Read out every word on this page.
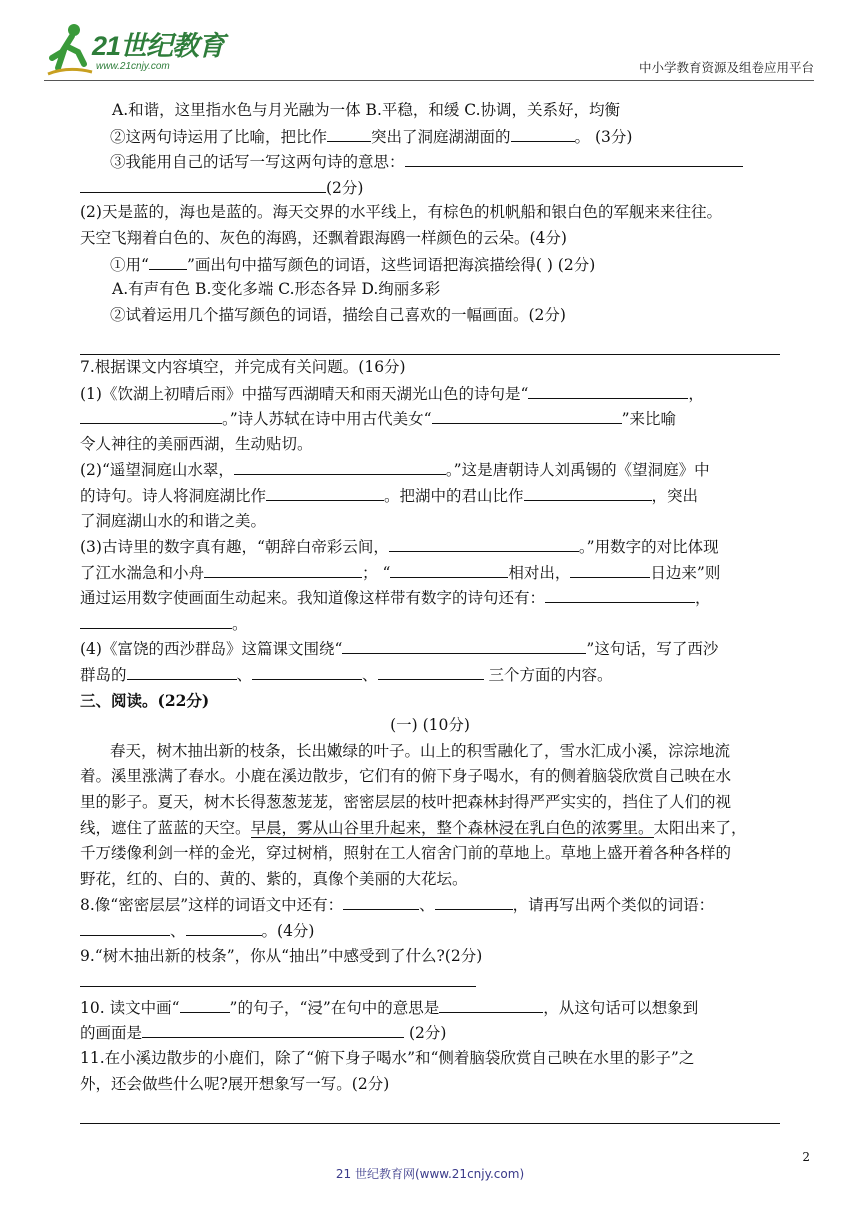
21世纪教育
www.21cnjy.com	中小学教育资源及组卷应用平台
A.和谐，这里指水色与月光融为一体 B.平稳，和缓 C.协调，关系好，均衡
②这两句诗运用了比喻，把比作	突出了洞庭湖湖面的	。 (3分)
③我能用自己的话写一写这两句诗的意思：
(2分)
(2)天是蓝的，海也是蓝的。海天交界的水平线上，有棕色的机帆船和银白色的军舰来来往往。
天空飞翔着白色的、灰色的海鸥，还飘着跟海鸥一样颜色的云朵。(4分)
①用“ ”画出句中描写颜色的词语，这些词语把海滨描绘得( ) (2分)
A.有声有色 B.变化多端 C.形态各异 D.绚丽多彩
②试着运用几个描写颜色的词语，描绘自己喜欢的一幅画面。(2分)
7.根据课文内容填空，并完成有关问题。(16分)
(1)《饮湖上初晴后雨》中描写西湖晴天和雨天湖光山色的诗句是“	，
。”诗人苏轼在诗中用古代美女“	”来比喻
令人神往的美丽西湖，生动贴切。
(2)“遥望洞庭山水翠，	。”这是唐朝诗人刘禹锡的《望洞庭》中
的诗句。诗人将洞庭湖比作	。把湖中的君山比作	，突出
了洞庭湖山水的和谐之美。
(3)古诗里的数字真有趣，“朝辞白帝彩云间，	。”用数字的对比体现
了江水湍急和小舟	； “	相对出，	日边来”则
通过运用数字使画面生动起来。我知道像这样带有数字的诗句还有：	，
。
(4)《富饶的西沙群岛》这篇课文围绕“	”这句话，写了西沙
群岛的	、	、	三个方面的内容。
三、阅读。(22分)
(一) (10分)
春天，树木抽出新的枝条，长出嫩绿的叶子。山上的积雪融化了，雪水汇成小溪，淙淙地流
着。溪里涨满了春水。小鹿在溪边散步，它们有的俯下身子喝水，有的侧着脑袋欣赏自己映在水
里的影子。夏天，树木长得葱葱茏茏，密密层层的枝叶把森林封得严严实实的，挡住了人们的视
线，遮住了蓝蓝的天空。早晨，雾从山谷里升起来，整个森林浸在乳白色的浓雾里。太阳出来了，
千万缕像利剑一样的金光，穿过树梢，照射在工人宿舍门前的草地上。草地上盛开着各种各样的
野花，红的、白的、黄的、紫的，真像个美丽的大花坛。
8.像“密密层层”这样的词语文中还有：	、	，请再写出两个类似的词语：
、	。(4分)
9.“树木抽出新的枝条”，你从“抽出”中感受到了什么?(2分)
10. 读文中画“	”的句子，“浸”在句中的意思是	，从这句话可以想象到
的画面是	(2分)
11.在小溪边散步的小鹿们，除了“俯下身子喝水”和“侧着脑袋欣赏自己映在水里的影子”之
外，还会做些什么呢?展开想象写一写。(2分)
2
21 世纪教育网(www.21cnjy.com)
